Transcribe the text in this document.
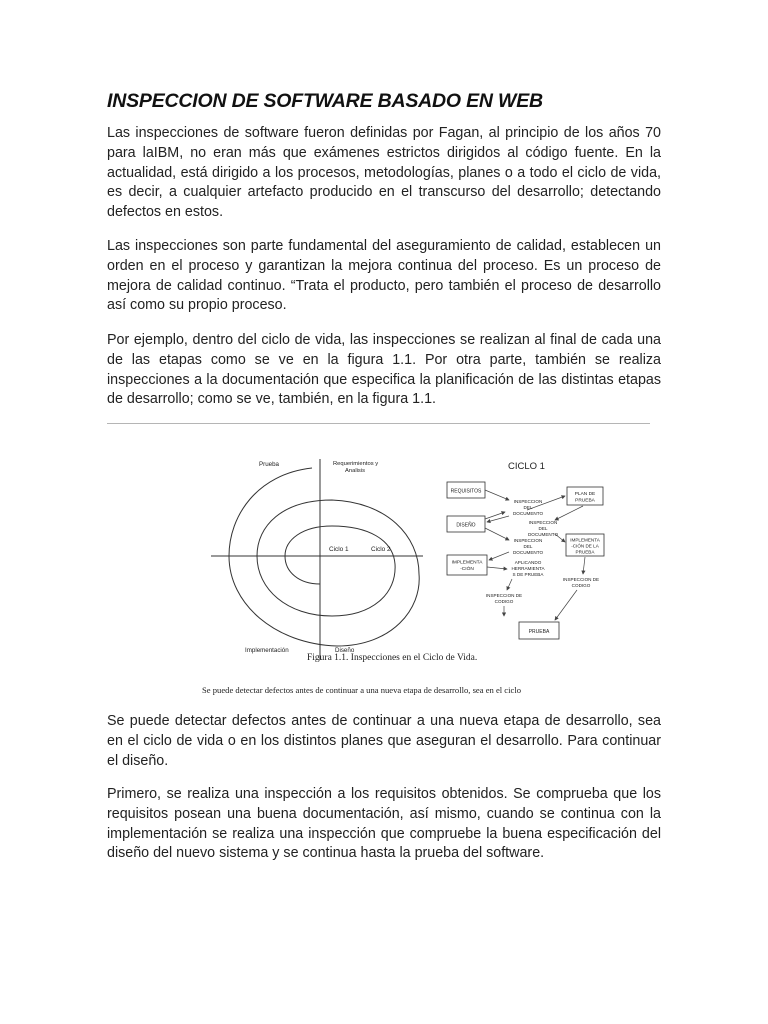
INSPECCION DE SOFTWARE BASADO EN WEB
Las inspecciones de software fueron definidas por Fagan, al principio de los años 70 para laIBM, no eran más que exámenes estrictos dirigidos al código fuente. En la actualidad, está dirigido a los procesos, metodologías, planes o a todo el ciclo de vida, es decir, a cualquier artefacto producido en el transcurso del desarrollo; detectando defectos en estos.
Las inspecciones son parte fundamental del aseguramiento de calidad, establecen un orden en el proceso y garantizan la mejora continua del proceso. Es un proceso de mejora de calidad continuo. “Trata el producto, pero también el proceso de desarrollo así como su propio proceso.
Por ejemplo, dentro del ciclo de vida, las inspecciones se realizan al final de cada una de las etapas como se ve en la figura 1.1. Por otra parte, también se realiza inspecciones a la documentación que especifica la planificación de las distintas etapas de desarrollo; como se ve, también, en la figura 1.1.
Prueba	Requerimientos y
Analisis
Implementación	Diseño
Ciclo 1	Ciclo 2
CICLO 1
REQUISITOS
DISEÑO
IMPLEMENTA
-CIÓN
PLAN DE
PRUEBA
IMPLEMENTA
-CIÓN DE LA
PRUEBA
PRUEBA
INSPECCION
DEL
DOCUMENTO
INSPECCION
DEL
DOCUMENTO
INSPECCION
DEL
DOCUMENTO
APLICANDO
HERRAMIENTA
S DE PRUEBA
INSPECCION DE
CODIGO
INSPECCION DE
CODIGO
Figura 1.1. Inspecciones en el Ciclo de Vida.
Se puede detectar defectos antes de continuar a una nueva etapa de desarrollo, sea en el ciclo
Se puede detectar defectos antes de continuar a una nueva etapa de desarrollo, sea en el ciclo de vida o en los distintos planes que aseguran el desarrollo. Para continuar el diseño.
Primero, se realiza una inspección a los requisitos obtenidos. Se comprueba que los requisitos posean una buena documentación, así mismo, cuando se continua con la implementación se realiza una inspección que compruebe la buena especificación del diseño del nuevo sistema y se continua hasta la prueba del software.
